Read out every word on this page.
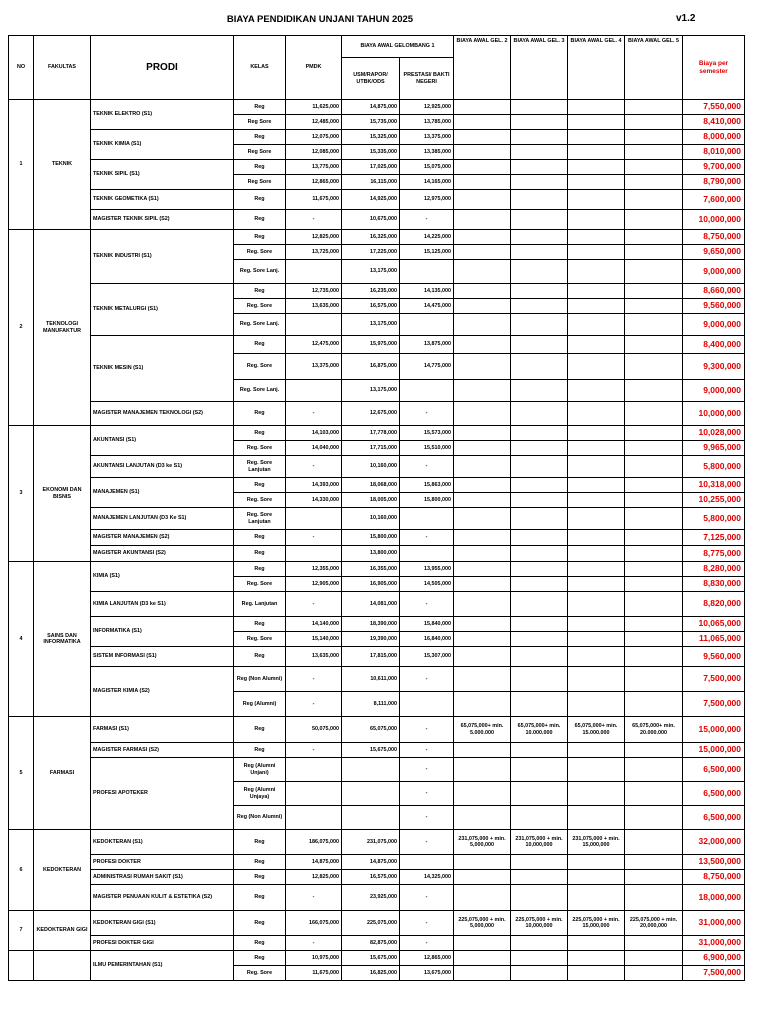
BIAYA PENDIDIKAN UNJANI TAHUN 2025	v1.2
NO	FAKULTAS	PRODI	KELAS	PMDK	BIAYA AWAL GELOMBANG 1		BIAYA AWAL GEL. 2	BIAYA AWAL GEL. 3	BIAYA AWAL GEL. 4	BIAYA AWAL GEL. 5	Biaya per semester
					USM/RAPOR/ UTBK/ODS	PRESTASI/ BAKTI NEGERI					
1	TEKNIK	TEKNIK ELEKTRO (S1)	Reg	11,625,000	14,875,000	12,925,000					7,550,000
			Reg Sore	12,485,000	15,735,000	13,785,000					8,410,000
		TEKNIK KIMIA (S1)	Reg	12,075,000	15,325,000	13,375,000					8,000,000
			Reg Sore	12,085,000	15,335,000	13,385,000					8,010,000
		TEKNIK SIPIL (S1)	Reg	13,775,000	17,025,000	15,075,000					9,700,000
			Reg Sore	12,865,000	16,115,000	14,165,000					8,790,000
		TEKNIK GEOMETIKA (S1)	Reg	11,675,000	14,925,000	12,975,000					7,600,000
		MAGISTER TEKNIK SIPIL (S2)	Reg	-	10,675,000	-					10,000,000
2	TEKNOLOGI MANUFAKTUR	TEKNIK INDUSTRI (S1)	Reg	12,825,000	16,325,000	14,225,000					8,750,000
			Reg. Sore	13,725,000	17,225,000	15,125,000					9,650,000
			Reg. Sore Lanj.		13,175,000						9,000,000
		TEKNIK METALURGI (S1)	Reg	12,735,000	16,235,000	14,135,000					8,660,000
			Reg. Sore	13,635,000	16,575,000	14,475,000					9,560,000
			Reg. Sore Lanj.		13,175,000						9,000,000
		TEKNIK MESIN (S1)	Reg	12,475,000	15,975,000	13,875,000					8,400,000
			Reg. Sore	13,375,000	16,875,000	14,775,000					9,300,000
			Reg. Sore Lanj.		13,175,000						9,000,000
		MAGISTER MANAJEMEN TEKNOLOGI (S2)	Reg	-	12,675,000	-					10,000,000
3	EKONOMI DAN BISNIS	AKUNTANSI (S1)	Reg	14,103,000	17,778,000	15,573,000					10,028,000
			Reg. Sore	14,040,000	17,715,000	15,510,000					9,965,000
		AKUNTANSI LANJUTAN (D3 ke S1)	Reg. Sore Lanjutan	-	10,160,000	-					5,800,000
		MANAJEMEN (S1)	Reg	14,393,000	18,068,000	15,863,000					10,318,000
			Reg. Sore	14,330,000	18,005,000	15,800,000					10,255,000
		MANAJEMEN LANJUTAN (D3 Ke S1)	Reg. Sore Lanjutan		10,160,000						5,800,000
		MAGISTER MANAJEMEN (S2)	Reg	-	15,800,000	-					7,125,000
		MAGISTER AKUNTANSI (S2)	Reg		13,800,000						8,775,000
4	SAINS DAN INFORMATIKA	KIMIA (S1)	Reg	12,355,000	16,355,000	13,955,000					8,280,000
			Reg. Sore	12,905,000	16,905,000	14,505,000					8,830,000
		KIMIA LANJUTAN (D3 ke S1)	Reg. Lanjutan	-	14,081,000	-					8,820,000
		INFORMATIKA (S1)	Reg	14,140,000	18,390,000	15,840,000					10,065,000
			Reg. Sore	15,140,000	19,390,000	16,840,000					11,065,000
		SISTEM INFORMASI (S1)	Reg	13,635,000	17,815,000	15,307,000					9,560,000
		MAGISTER KIMIA (S2)	Reg (Non Alumni)	-	10,611,000	-					7,500,000
			Reg (Alumni)	-	8,111,000						7,500,000
5	FARMASI	FARMASI (S1)	Reg	50,075,000	65,075,000	-	65,075,000+ min. 5.000.000	65,075,000+ min. 10.000.000	65,075,000+ min. 15.000.000	65,075,000+ min. 20.000.000	15,000,000
		MAGISTER FARMASI (S2)	Reg	-	15,675,000	-					15,000,000
		PROFESI APOTEKER	Reg (Alumni Unjani)			-					6,500,000
			Reg (Alumni Unjaya)			-					6,500,000
			Reg (Non Alumni)			-					6,500,000
6	KEDOKTERAN	KEDOKTERAN (S1)	Reg	186,075,000	231,075,000	-	231,075,000 + min. 5,000,000	231,075,000 + min. 10,000,000	231,075,000 + min. 15,000,000		32,000,000
		PROFESI DOKTER	Reg	14,875,000	14,875,000						13,500,000
		ADMINISTRASI RUMAH SAKIT (S1)	Reg	12,825,000	16,575,000	14,325,000					8,750,000
		MAGISTER PENUAAN KULIT & ESTETIKA (S2)	Reg	-	23,925,000	-					18,000,000
7	KEDOKTERAN GIGI	KEDOKTERAN GIGI (S1)	Reg	166,075,000	225,075,000	-	225,075,000 + min. 5,000,000	225,075,000 + min. 10,000,000	225,075,000 + min. 15,000,000	225,075,000 + min. 20,000,000	31,000,000
		PROFESI DOKTER GIGI	Reg	-	82,875,000	-					31,000,000
		ILMU PEMERINTAHAN (S1)	Reg	10,975,000	15,675,000	12,865,000					6,900,000
			Reg. Sore	11,675,000	16,825,000	13,675,000					7,500,000
